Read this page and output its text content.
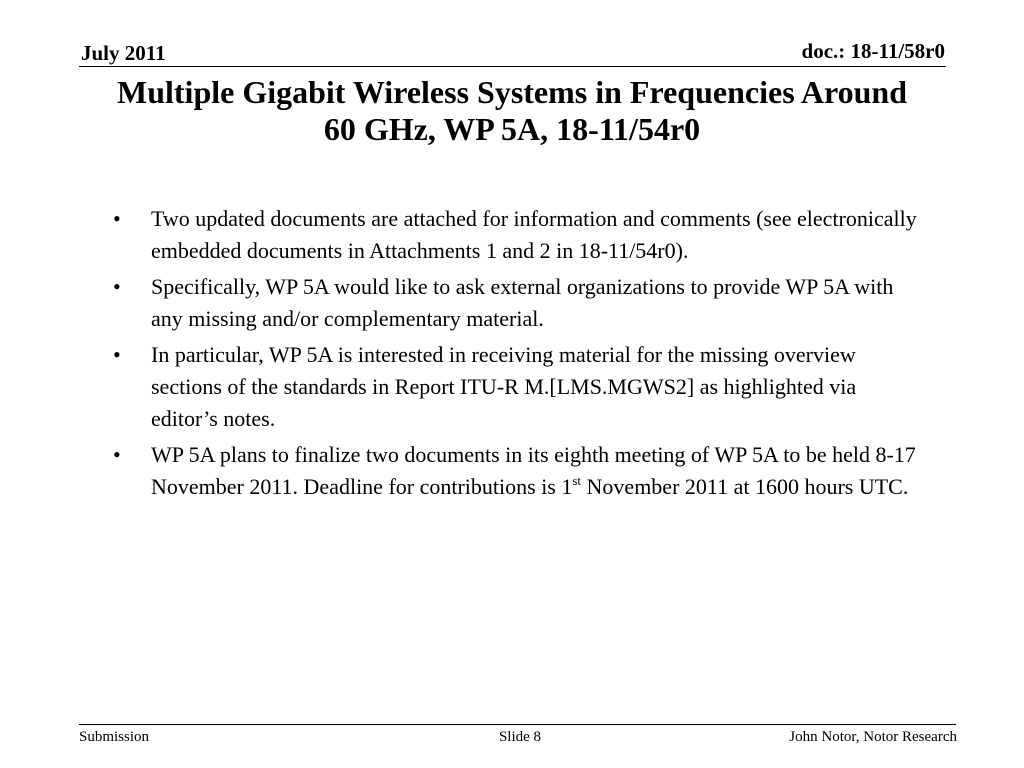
July 2011	doc.: 18-11/58r0
Multiple Gigabit Wireless Systems in Frequencies Around
60 GHz, WP 5A, 18-11/54r0
• Two updated documents are attached for information and comments (see electronically embedded documents in Attachments 1 and 2 in 18-11/54r0).
• Specifically, WP 5A would like to ask external organizations to provide WP 5A with any missing and/or complementary material.
• In particular, WP 5A is interested in receiving material for the missing overview sections of the standards in Report ITU-R M.[LMS.MGWS2] as highlighted via editor’s notes.
• WP 5A plans to finalize two documents in its eighth meeting of WP 5A to be held 8-17 November 2011. Deadline for contributions is 1st November 2011 at 1600 hours UTC.
Submission	Slide 8	John Notor, Notor Research
